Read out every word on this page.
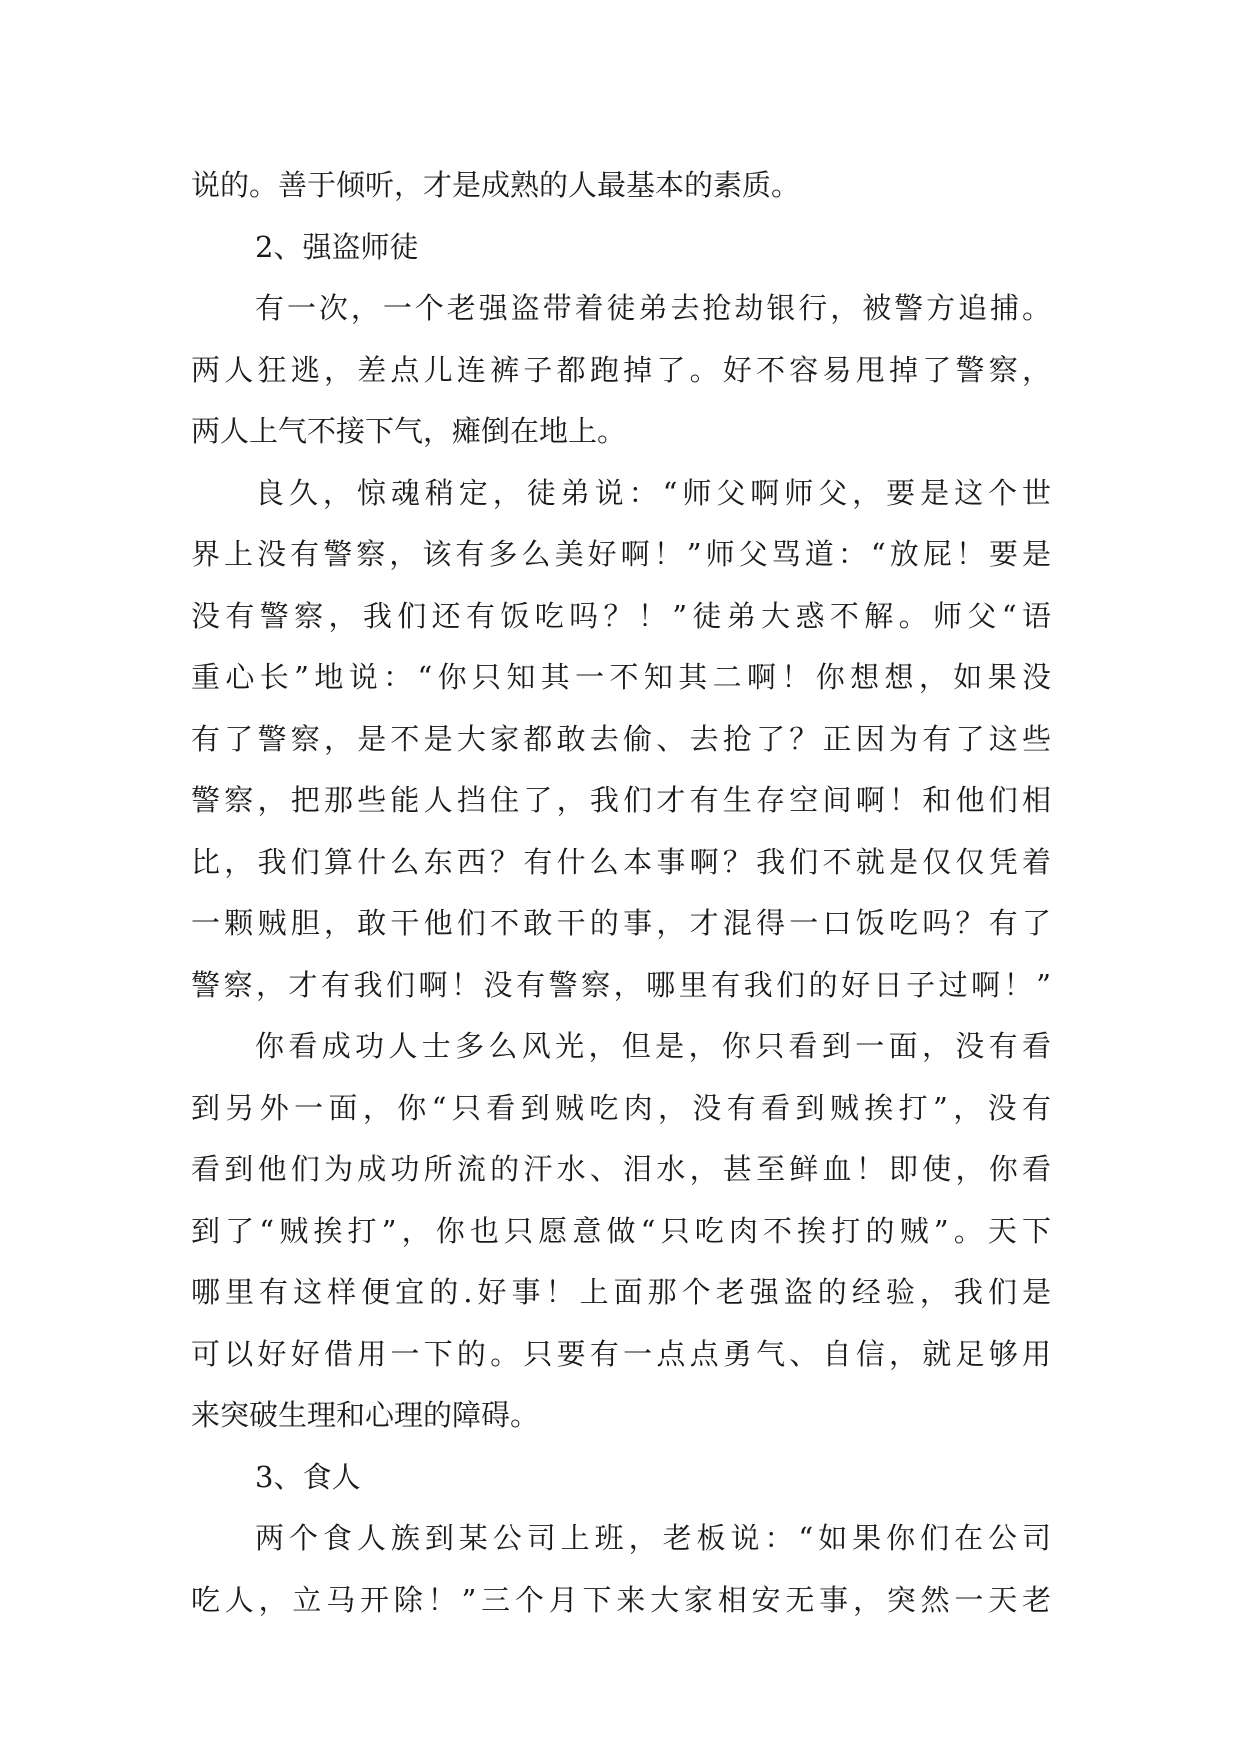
说的。善于倾听，才是成熟的人最基本的素质。
2、强盗师徒
有一次，一个老强盗带着徒弟去抢劫银行，被警方追捕。
两人狂逃，差点儿连裤子都跑掉了。好不容易甩掉了警察，
两人上气不接下气，瘫倒在地上。
良久，惊魂稍定，徒弟说：“师父啊师父，要是这个世
界上没有警察，该有多么美好啊！”师父骂道：“放屁！要是
没有警察，我们还有饭吃吗？！”徒弟大惑不解。师父“语
重心长”地说：“你只知其一不知其二啊！你想想，如果没
有了警察，是不是大家都敢去偷、去抢了？正因为有了这些
警察，把那些能人挡住了，我们才有生存空间啊！和他们相
比，我们算什么东西？有什么本事啊？我们不就是仅仅凭着
一颗贼胆，敢干他们不敢干的事，才混得一口饭吃吗？有了
警察，才有我们啊！没有警察，哪里有我们的好日子过啊！”
你看成功人士多么风光，但是，你只看到一面，没有看
到另外一面，你“只看到贼吃肉，没有看到贼挨打”，没有
看到他们为成功所流的汗水、泪水，甚至鲜血！即使，你看
到了“贼挨打”，你也只愿意做“只吃肉不挨打的贼”。天下
哪里有这样便宜的.好事！上面那个老强盗的经验，我们是
可以好好借用一下的。只要有一点点勇气、自信，就足够用
来突破生理和心理的障碍。
3、食人
两个食人族到某公司上班，老板说：“如果你们在公司
吃人，立马开除！”三个月下来大家相安无事，突然一天老
